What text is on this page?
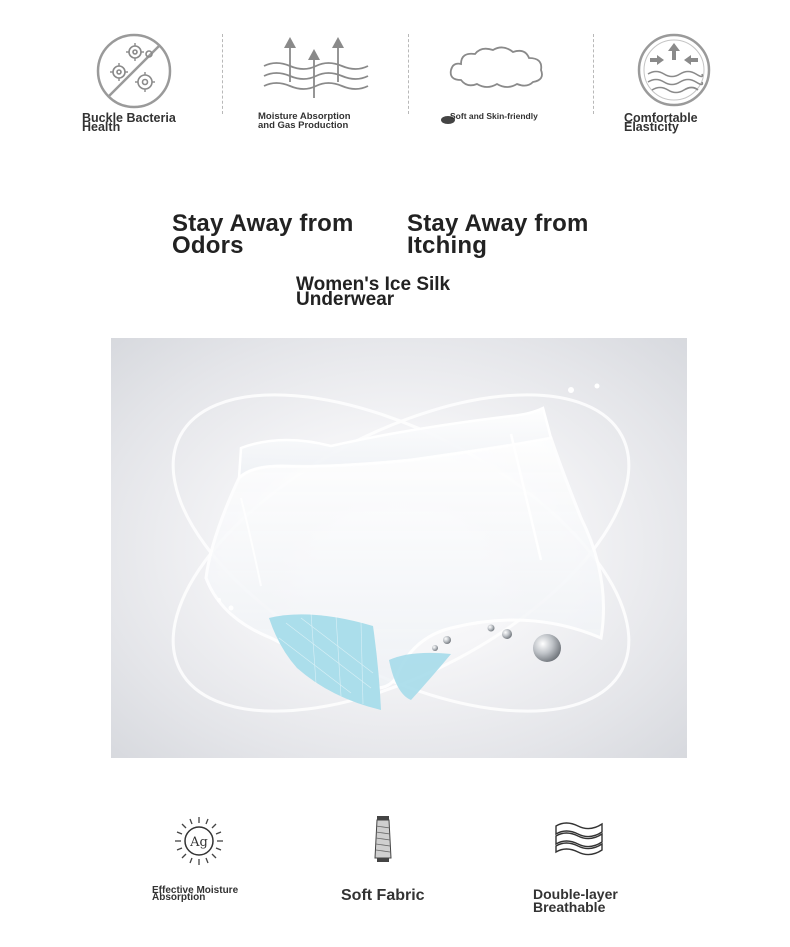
Buckle Bacteria
Health
Moisture Absorption
and Gas Production
Soft and Skin-friendly	Comfortable
Elasticity
Stay Away from
Odors
Stay Away from
Itching
Women's Ice Silk
Underwear
Ag
Effective Moisture
Absorption	Soft Fabric	Double-layer
Breathable
